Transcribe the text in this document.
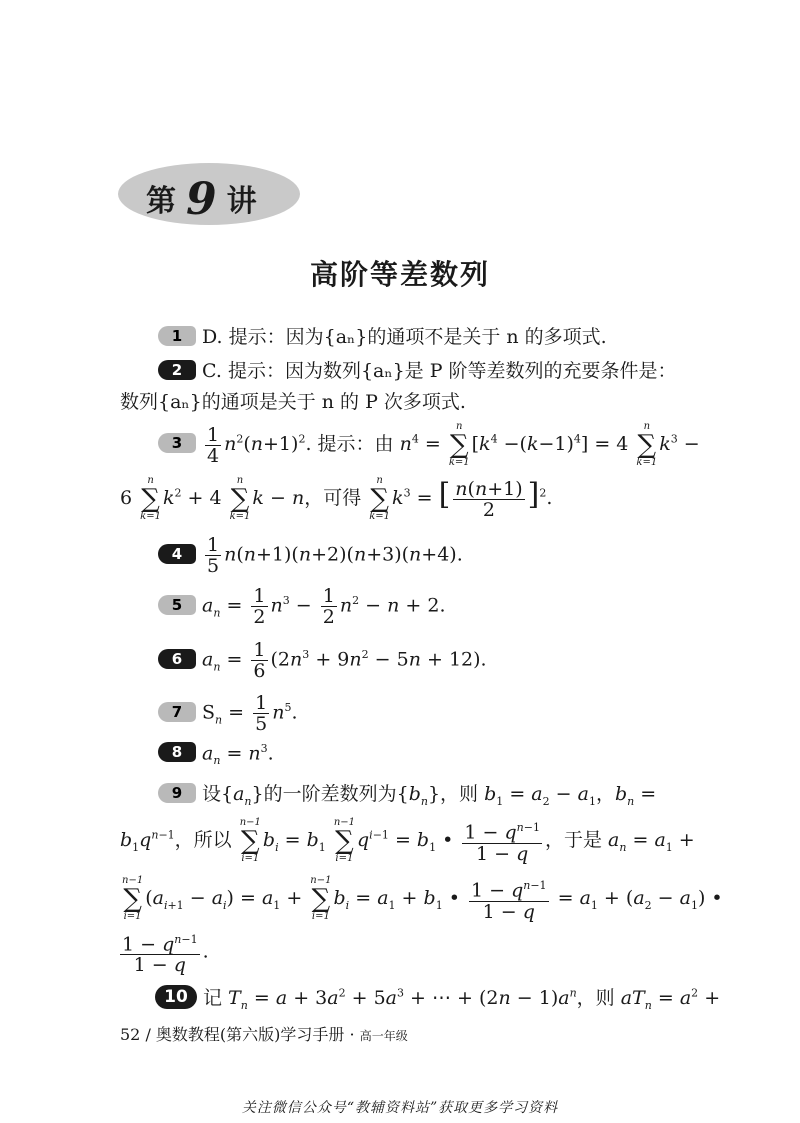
第 9 讲
高阶等差数列
1 D. 提示：因为{aₙ}的通项不是关于 n 的多项式.
2 C. 提示：因为数列{aₙ}是 P 阶等差数列的充要条件是：
数列{aₙ}的通项是关于 n 的 P 次多项式.
$3 \frac{1}{4} n^2(n+1)^2$. 提示：由 $n^4$ =
n
∑
k=1
$[k^4 -(k-1)^4] = 4$
n
∑
k=1
$k^3$ −
6
n
∑
k=1
$k^2 + 4$
n
∑
k=1
k − n，可得
n
∑
k=1
$k^3$ = [ $\frac{n(n+1)}{2} ]^2$.
$4 \frac{1}{5} n(n+1)(n+2)(n+3)(n+4)$.
5 $a_n = \frac{1}{2} n^3 - \frac{1}{2} n^2 - n + 2$.
6 $a_n = \frac{1}{6} (2n^3 + 9n^2 - 5n + 12)$.
7 $S_n = \frac{1}{5} n^5$.
8 $a_n = n^3$.
9 设$\{a_n\}$的一阶差数列为$\{b_n\}$，则 $b_1 = a_2 - a_1$，$b_n$ =
$b_1q^{n-1}$，所以
n−1
∑
i=1
$b_i = b_1$
n−1
∑
i=1
$q^{i-1} = b_1$ • $\frac{1 - q^{n-1}}{1 - q}$ ，于是 $a_n = a_1$ +
n−1
∑
i=1
$(a_{i+1} - a_i) = a_1$ +
n−1
∑
i=1
$b_i = a_1 + b_1$ • $\frac{1 - q^{n-1}}{1 - q} = a_1 + (a_2 - a_1)$ •
$\frac{1 - q^{n-1}}{1 - q}$ .
10 记 $T_n = a + 3a^2 + 5a^3$ + ⋯ + $(2n - 1)a^n$，则 $aT_n = a^2$ +
52 / 奥数教程(第六版)学习手册 · 高一年级
关注微信公众号“教辅资料站”获取更多学习资料
